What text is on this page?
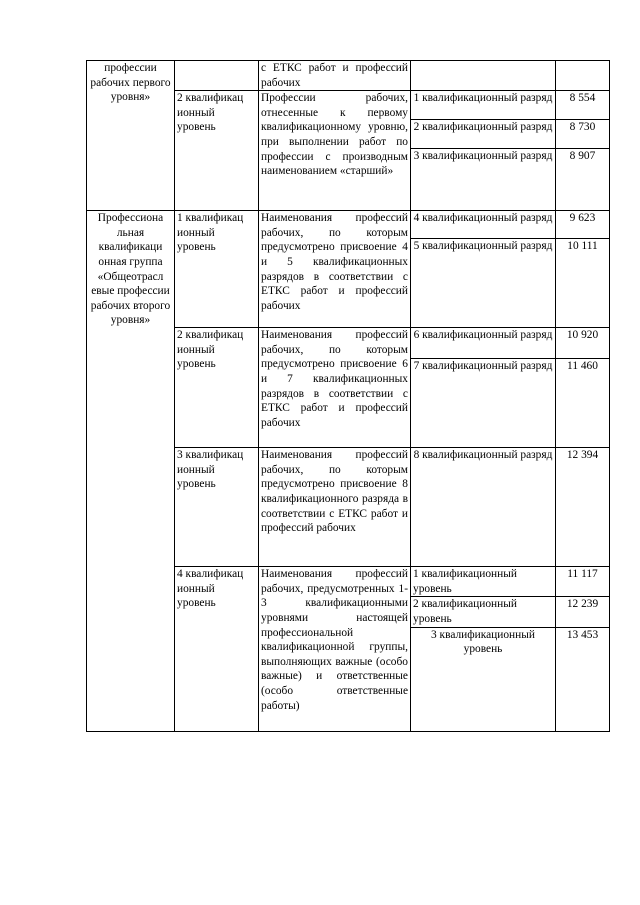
профессии рабочих первого уровня»		с ЕТКС работ и профессий рабочих		
	2 квалификац ионный уровень	Профессии рабочих, отнесенные к первому квалификационному уровню, при выполнении работ по профессии с производным наименованием «старший»	1 квалификационный разряд	8 554
			2 квалификационный разряд	8 730
			3 квалификационный разряд	8 907
Профессиона льная квалификаци онная группа «Общеотрасл евые профессии рабочих второго уровня»	1 квалификац ионный уровень	Наименования профессий рабочих, по которым предусмотрено присвоение 4 и 5 квалификационных разрядов в соответствии с ЕТКС работ и профессий рабочих	4 квалификационный разряд	9 623
			5 квалификационный разряд	10 111
	2 квалификац ионный уровень	Наименования профессий рабочих, по которым предусмотрено присвоение 6 и 7 квалификационных разрядов в соответствии с ЕТКС работ и профессий рабочих	6 квалификационный разряд	10 920
			7 квалификационный разряд	11 460
	3 квалификац ионный уровень	Наименования профессий рабочих, по которым предусмотрено присвоение 8 квалификационного разряда в соответствии с ЕТКС работ и профессий рабочих	8 квалификационный разряд	12 394
	4 квалификац ионный уровень	Наименования профессий рабочих, предусмотренных 1-3 квалификационными уровнями настоящей профессиональной квалификационной группы, выполняющих важные (особо важные) и ответственные (особо ответственные работы)	1 квалификационный уровень	11 117
			2 квалификационный уровень	12 239
			3 квалификационный уровень	13 453
